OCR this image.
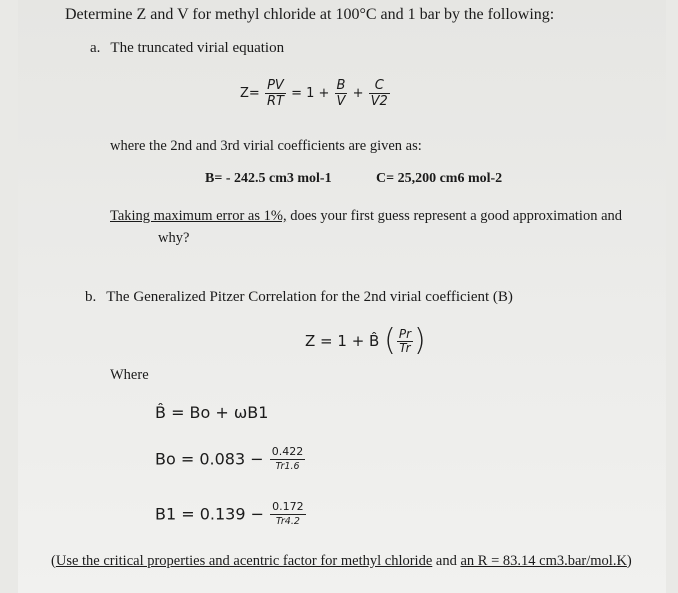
Determine Z and V for methyl chloride at 100°C and 1 bar by the following:
a. The truncated virial equation
$Z= \frac{PV}{RT} = 1 + \frac{B}{V} + \frac{C}{V2}$
where the 2nd and 3rd virial coefficients are given as:
B= - 242.5 cm3 mol-1	C= 25,200 cm6 mol-2
Taking maximum error as 1%, does your first guess represent a good approximation and
why?
b. The Generalized Pitzer Correlation for the 2nd virial coefficient (B)
Z = 1 + B̂ ( $\frac{Pr}{Tr}$ )
Where
B̂ = Bo + ωB1
$Bo = 0.083 - \frac{0.422}{Tr1.6}$
$B1 = 0.139 - \frac{0.172}{Tr4.2}$
(Use the critical properties and acentric factor for methyl chloride and an R = 83.14 cm3.bar/mol.K)
